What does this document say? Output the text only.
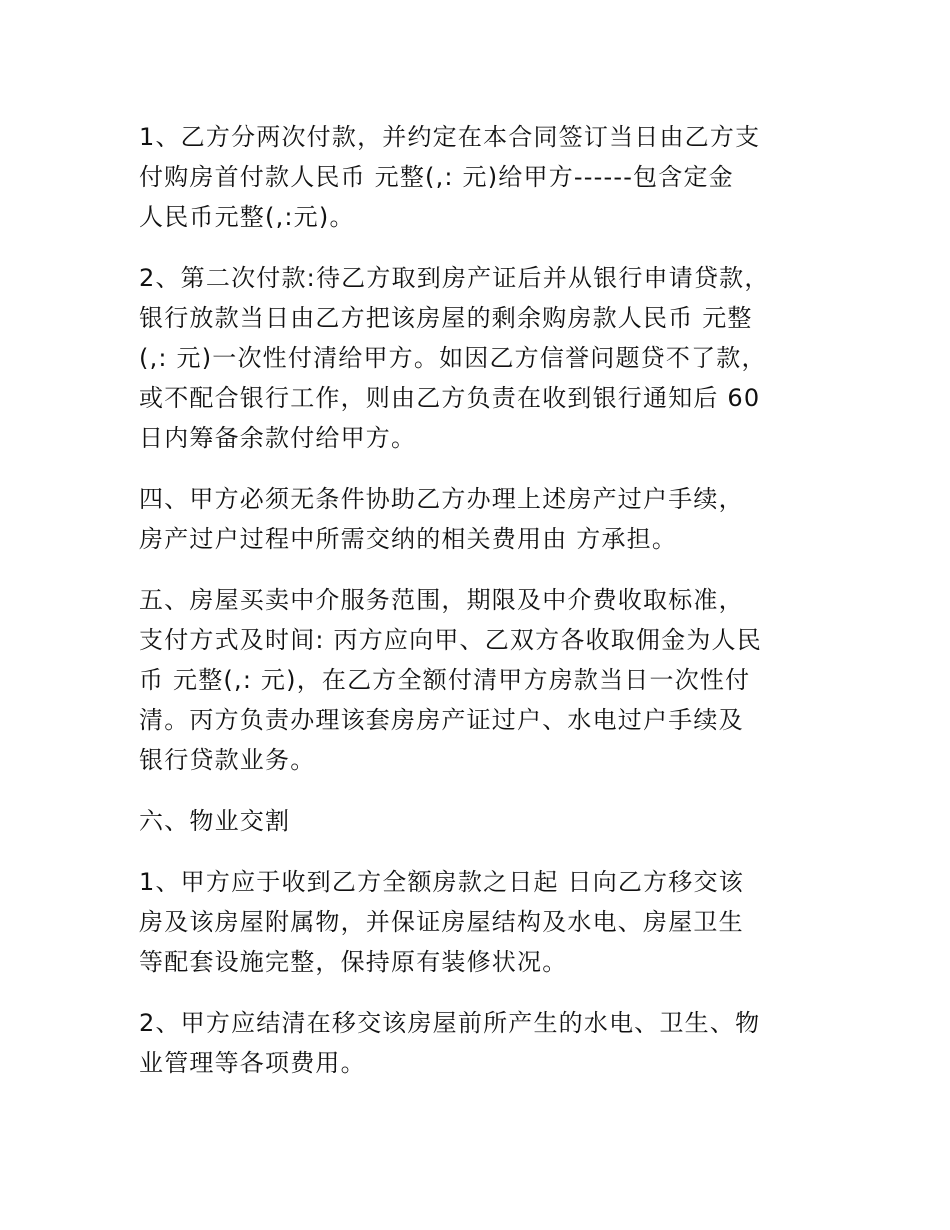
1、乙方分两次付款，并约定在本合同签订当日由乙方支
付购房首付款人民币 元整(,: 元)给甲方------包含定金
人民币元整(,:元)。

2、第二次付款:待乙方取到房产证后并从银行申请贷款，
银行放款当日由乙方把该房屋的剩余购房款人民币 元整
(,: 元)一次性付清给甲方。如因乙方信誉问题贷不了款，
或不配合银行工作，则由乙方负责在收到银行通知后 60
日内筹备余款付给甲方。

四、甲方必须无条件协助乙方办理上述房产过户手续，
房产过户过程中所需交纳的相关费用由 方承担。

五、房屋买卖中介服务范围，期限及中介费收取标准，
支付方式及时间: 丙方应向甲、乙双方各收取佣金为人民
币 元整(,: 元)，在乙方全额付清甲方房款当日一次性付
清。丙方负责办理该套房房产证过户、水电过户手续及
银行贷款业务。

六、物业交割

1、甲方应于收到乙方全额房款之日起 日向乙方移交该
房及该房屋附属物，并保证房屋结构及水电、房屋卫生
等配套设施完整，保持原有装修状况。

2、甲方应结清在移交该房屋前所产生的水电、卫生、物
业管理等各项费用。
